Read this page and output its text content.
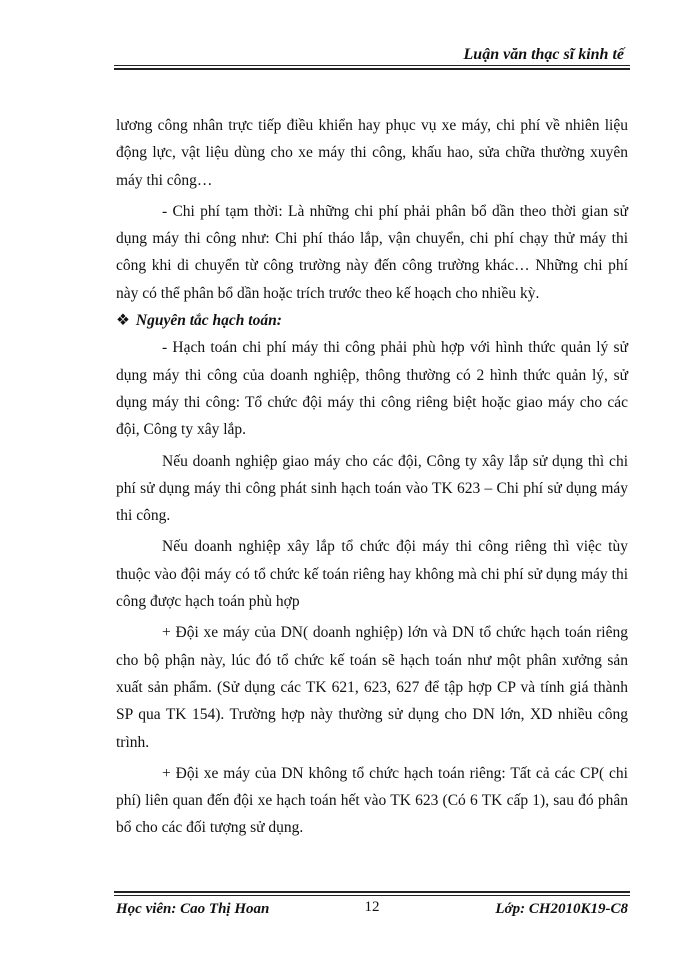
Luận văn thạc sĩ kinh tế

lương công nhân trực tiếp điều khiển hay phục vụ xe máy, chi phí về nhiên liệu động lực, vật liệu dùng cho xe máy thi công, khấu hao, sửa chữa thường xuyên máy thi công…

- Chi phí tạm thời: Là những chi phí phải phân bổ dần theo thời gian sử dụng máy thi công như: Chi phí tháo lắp, vận chuyển, chi phí chạy thử máy thi công khi di chuyển từ công trường này đến công trường khác… Những chi phí này có thể phân bổ dần hoặc trích trước theo kế hoạch cho nhiều kỳ.

❖ Nguyên tắc hạch toán:

- Hạch toán chi phí máy thi công phải phù hợp với hình thức quản lý sử dụng máy thi công của doanh nghiệp, thông thường có 2 hình thức quản lý, sử dụng máy thi công: Tổ chức đội máy thi công riêng biệt hoặc giao máy cho các đội, Công ty xây lắp.

Nếu doanh nghiệp giao máy cho các đội, Công ty xây lắp sử dụng thì chi phí sử dụng máy thi công phát sinh hạch toán vào TK 623 – Chi phí sử dụng máy thi công.

Nếu doanh nghiệp xây lắp tổ chức đội máy thi công riêng thì việc tùy thuộc vào đội máy có tổ chức kế toán riêng hay không mà chi phí sử dụng máy thi công được hạch toán phù hợp

+ Đội xe máy của DN( doanh nghiệp) lớn và DN tổ chức hạch toán riêng cho bộ phận này, lúc đó tổ chức kế toán sẽ hạch toán như một phân xưởng sản xuất sản phẩm. (Sử dụng các TK 621, 623, 627 để tập hợp CP và tính giá thành SP qua TK 154). Trường hợp này thường sử dụng cho DN lớn, XD nhiều công trình.

+ Đội xe máy của DN không tổ chức hạch toán riêng: Tất cả các CP( chi phí) liên quan đến đội xe hạch toán hết vào TK 623 (Có 6 TK cấp 1), sau đó phân bổ cho các đối tượng sử dụng.

Học viên: Cao Thị Hoan	12	Lớp: CH2010K19-C8
